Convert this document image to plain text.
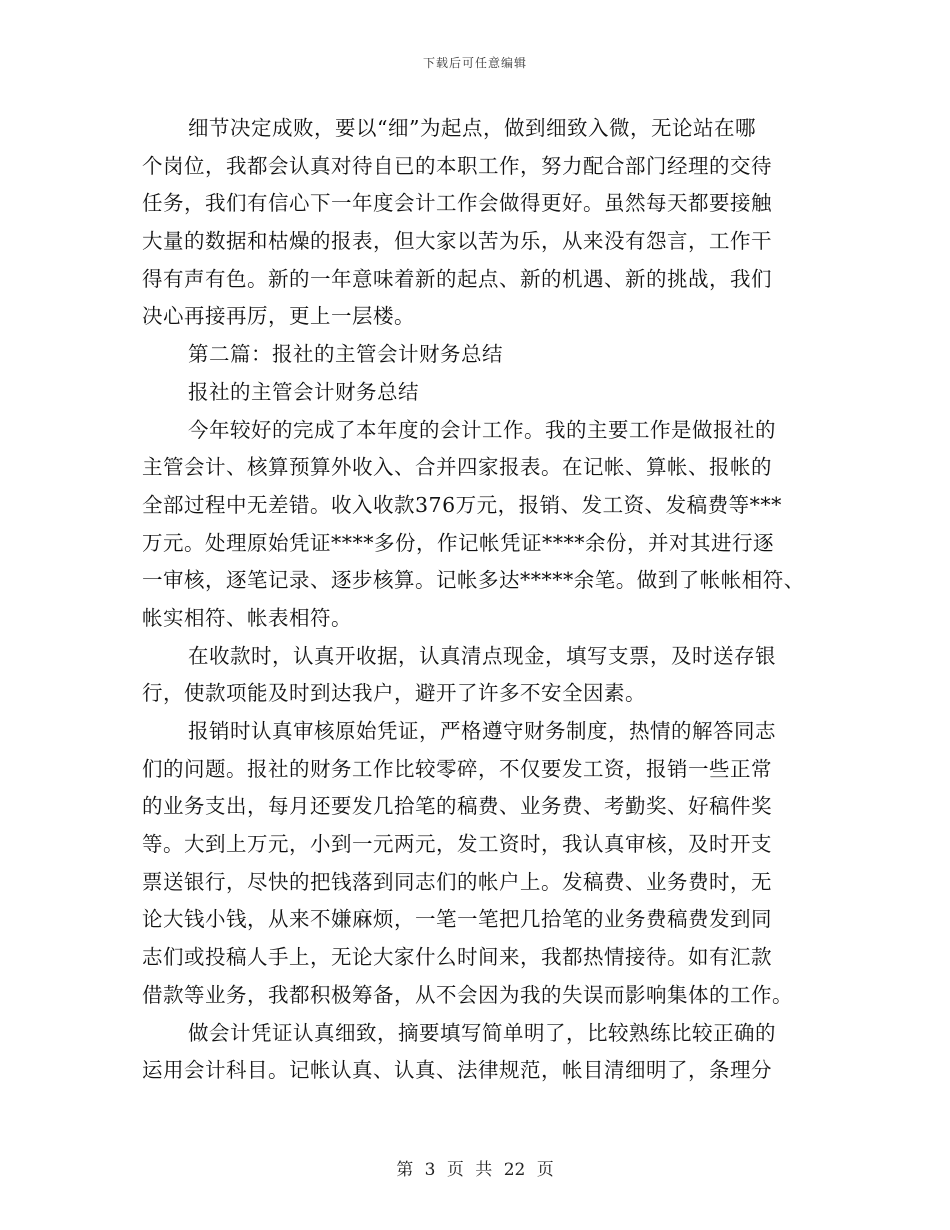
下载后可任意编辑
细节决定成败，要以“细”为起点，做到细致入微，无论站在哪
个岗位，我都会认真对待自已的本职工作，努力配合部门经理的交待
任务，我们有信心下一年度会计工作会做得更好。虽然每天都要接触
大量的数据和枯燥的报表，但大家以苦为乐，从来没有怨言，工作干
得有声有色。新的一年意味着新的起点、新的机遇、新的挑战，我们
决心再接再厉，更上一层楼。
第二篇：报社的主管会计财务总结
报社的主管会计财务总结
今年较好的完成了本年度的会计工作。我的主要工作是做报社的
主管会计、核算预算外收入、合并四家报表。在记帐、算帐、报帐的
全部过程中无差错。收入收款376万元，报销、发工资、发稿费等***
万元。处理原始凭证****多份，作记帐凭证****余份，并对其进行逐
一审核，逐笔记录、逐步核算。记帐多达*****余笔。做到了帐帐相符、
帐实相符、帐表相符。
在收款时，认真开收据，认真清点现金，填写支票，及时送存银
行，使款项能及时到达我户，避开了许多不安全因素。
报销时认真审核原始凭证，严格遵守财务制度，热情的解答同志
们的问题。报社的财务工作比较零碎，不仅要发工资，报销一些正常
的业务支出，每月还要发几拾笔的稿费、业务费、考勤奖、好稿件奖
等。大到上万元，小到一元两元，发工资时，我认真审核，及时开支
票送银行，尽快的把钱落到同志们的帐户上。发稿费、业务费时，无
论大钱小钱，从来不嫌麻烦，一笔一笔把几拾笔的业务费稿费发到同
志们或投稿人手上，无论大家什么时间来，我都热情接待。如有汇款
借款等业务，我都积极筹备，从不会因为我的失误而影响集体的工作。
做会计凭证认真细致，摘要填写简单明了，比较熟练比较正确的
运用会计科目。记帐认真、认真、法律规范，帐目清细明了，条理分
第 3 页 共 22 页
